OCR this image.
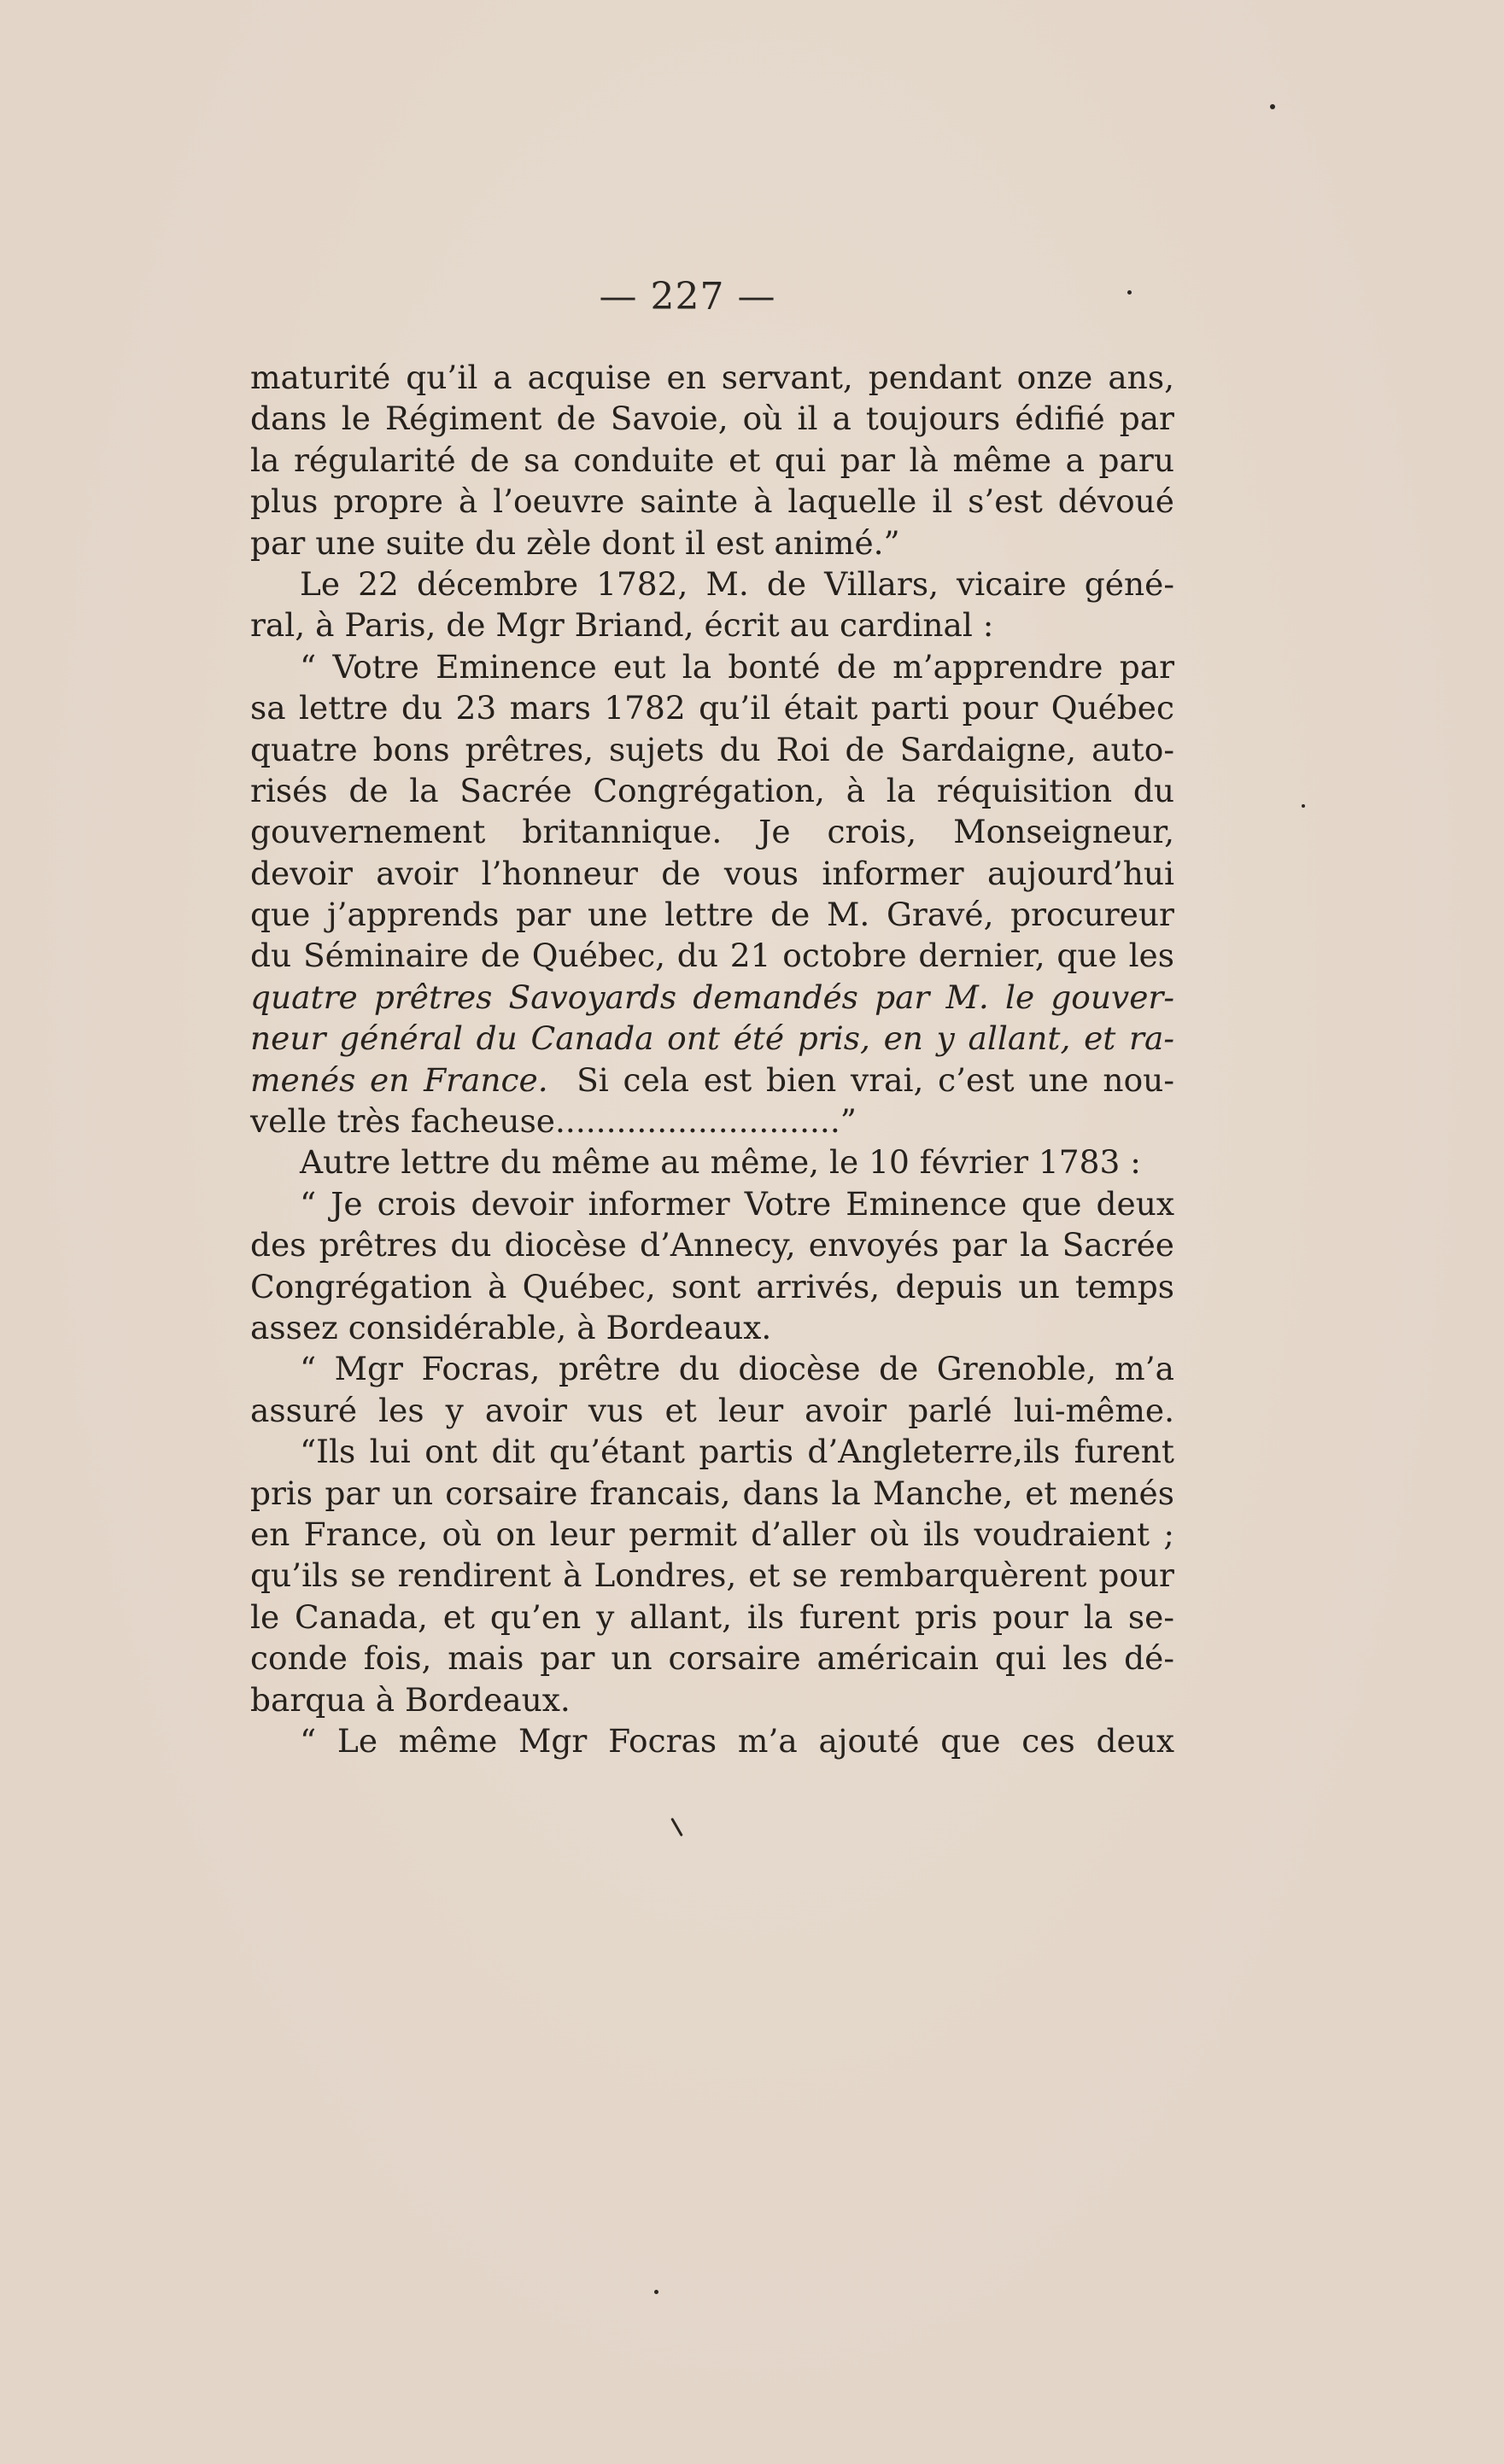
— 227 —
maturité qu’il a acquise en servant, pendant onze ans,
dans le Régiment de Savoie, où il a toujours édifié par
la régularité de sa conduite et qui par là même a paru
plus propre à l’oeuvre sainte à laquelle il s’est dévoué
par une suite du zèle dont il est animé.”
Le 22 décembre 1782, M. de Villars, vicaire géné-
ral, à Paris, de Mgr Briand, écrit au cardinal :
“ Votre Eminence eut la bonté de m’apprendre par
sa lettre du 23 mars 1782 qu’il était parti pour Québec
quatre bons prêtres, sujets du Roi de Sardaigne, auto-
risés de la Sacrée Congrégation, à la réquisition du
gouvernement britannique. Je crois, Monseigneur,
devoir avoir l’honneur de vous informer aujourd’hui
que j’apprends par une lettre de M. Gravé, procureur
du Séminaire de Québec, du 21 octobre dernier, que les
quatre prêtres Savoyards demandés par M. le gouver-
neur général du Canada ont été pris, en y allant, et ra-
menés en France. Si cela est bien vrai, c’est une nou-
velle très facheuse............................”
Autre lettre du même au même, le 10 février 1783 :
“ Je crois devoir informer Votre Eminence que deux
des prêtres du diocèse d’Annecy, envoyés par la Sacrée
Congrégation à Québec, sont arrivés, depuis un temps
assez considérable, à Bordeaux.
“ Mgr Focras, prêtre du diocèse de Grenoble, m’a
assuré les y avoir vus et leur avoir parlé lui-même.
“Ils lui ont dit qu’étant partis d’Angleterre,ils furent
pris par un corsaire francais, dans la Manche, et menés
en France, où on leur permit d’aller où ils voudraient ;
qu’ils se rendirent à Londres, et se rembarquèrent pour
le Canada, et qu’en y allant, ils furent pris pour la se-
conde fois, mais par un corsaire américain qui les dé-
barqua à Bordeaux.
“ Le même Mgr Focras m’a ajouté que ces deux
